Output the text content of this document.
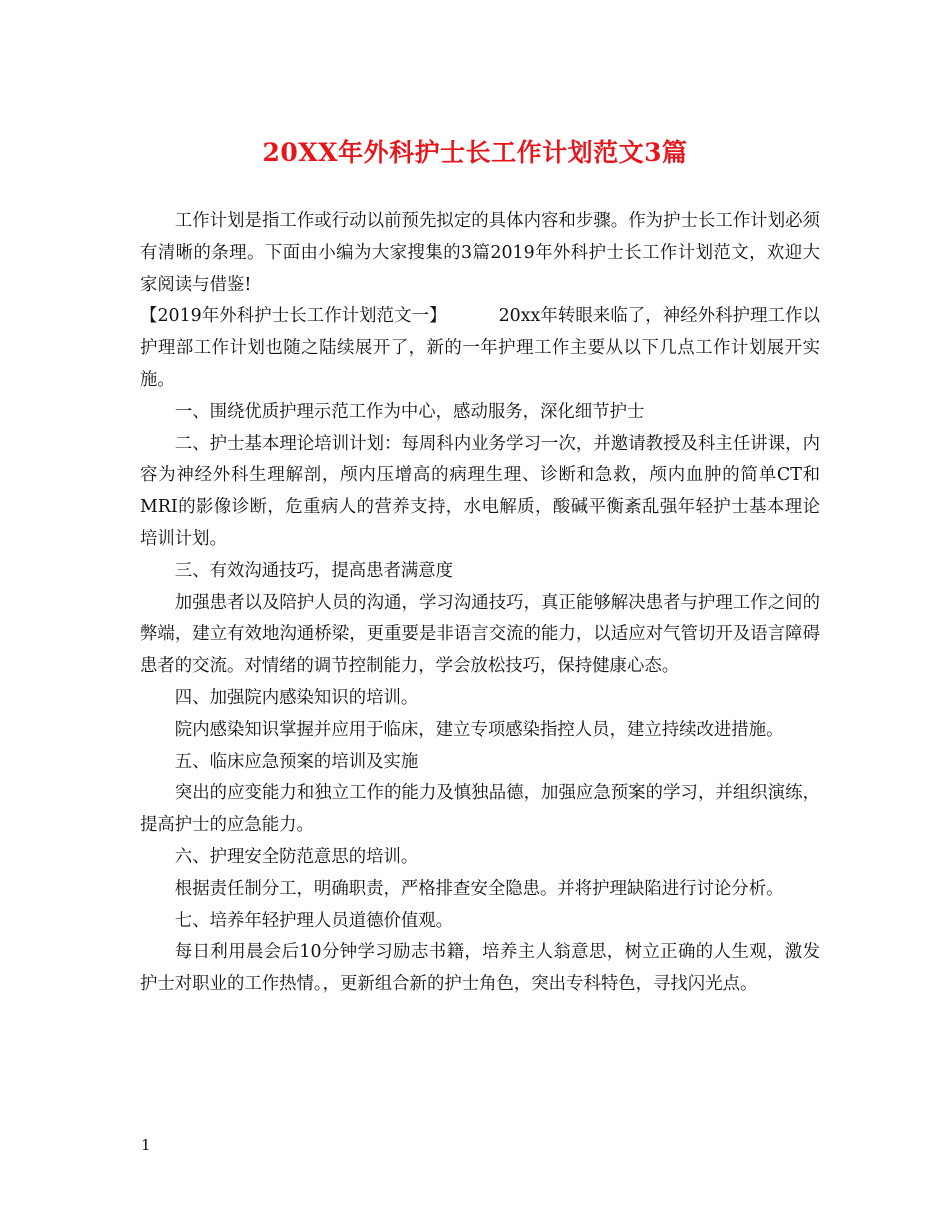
20XX年外科护士长工作计划范文3篇

工作计划是指工作或行动以前预先拟定的具体内容和步骤。作为护士长工作计划必须有清晰的条理。下面由小编为大家搜集的3篇2019年外科护士长工作计划范文，欢迎大家阅读与借鉴!

【2019年外科护士长工作计划范文一】	20xx年转眼来临了，神经外科护理工作以护理部工作计划也随之陆续展开了，新的一年护理工作主要从以下几点工作计划展开实施。

一、围绕优质护理示范工作为中心，感动服务，深化细节护士

二、护士基本理论培训计划：每周科内业务学习一次，并邀请教授及科主任讲课，内容为神经外科生理解剖，颅内压增高的病理生理、诊断和急救，颅内血肿的简单CT和MRI的影像诊断，危重病人的营养支持，水电解质，酸碱平衡紊乱强年轻护士基本理论培训计划。

三、有效沟通技巧，提高患者满意度

加强患者以及陪护人员的沟通，学习沟通技巧，真正能够解决患者与护理工作之间的弊端，建立有效地沟通桥梁，更重要是非语言交流的能力，以适应对气管切开及语言障碍患者的交流。对情绪的调节控制能力，学会放松技巧，保持健康心态。

四、加强院内感染知识的培训。

院内感染知识掌握并应用于临床，建立专项感染指控人员，建立持续改进措施。

五、临床应急预案的培训及实施

突出的应变能力和独立工作的能力及慎独品德，加强应急预案的学习，并组织演练，提高护士的应急能力。

六、护理安全防范意思的培训。

根据责任制分工，明确职责，严格排查安全隐患。并将护理缺陷进行讨论分析。

七、培养年轻护理人员道德价值观。

每日利用晨会后10分钟学习励志书籍，培养主人翁意思，树立正确的人生观，激发护士对职业的工作热情。，更新组合新的护士角色，突出专科特色，寻找闪光点。

1
